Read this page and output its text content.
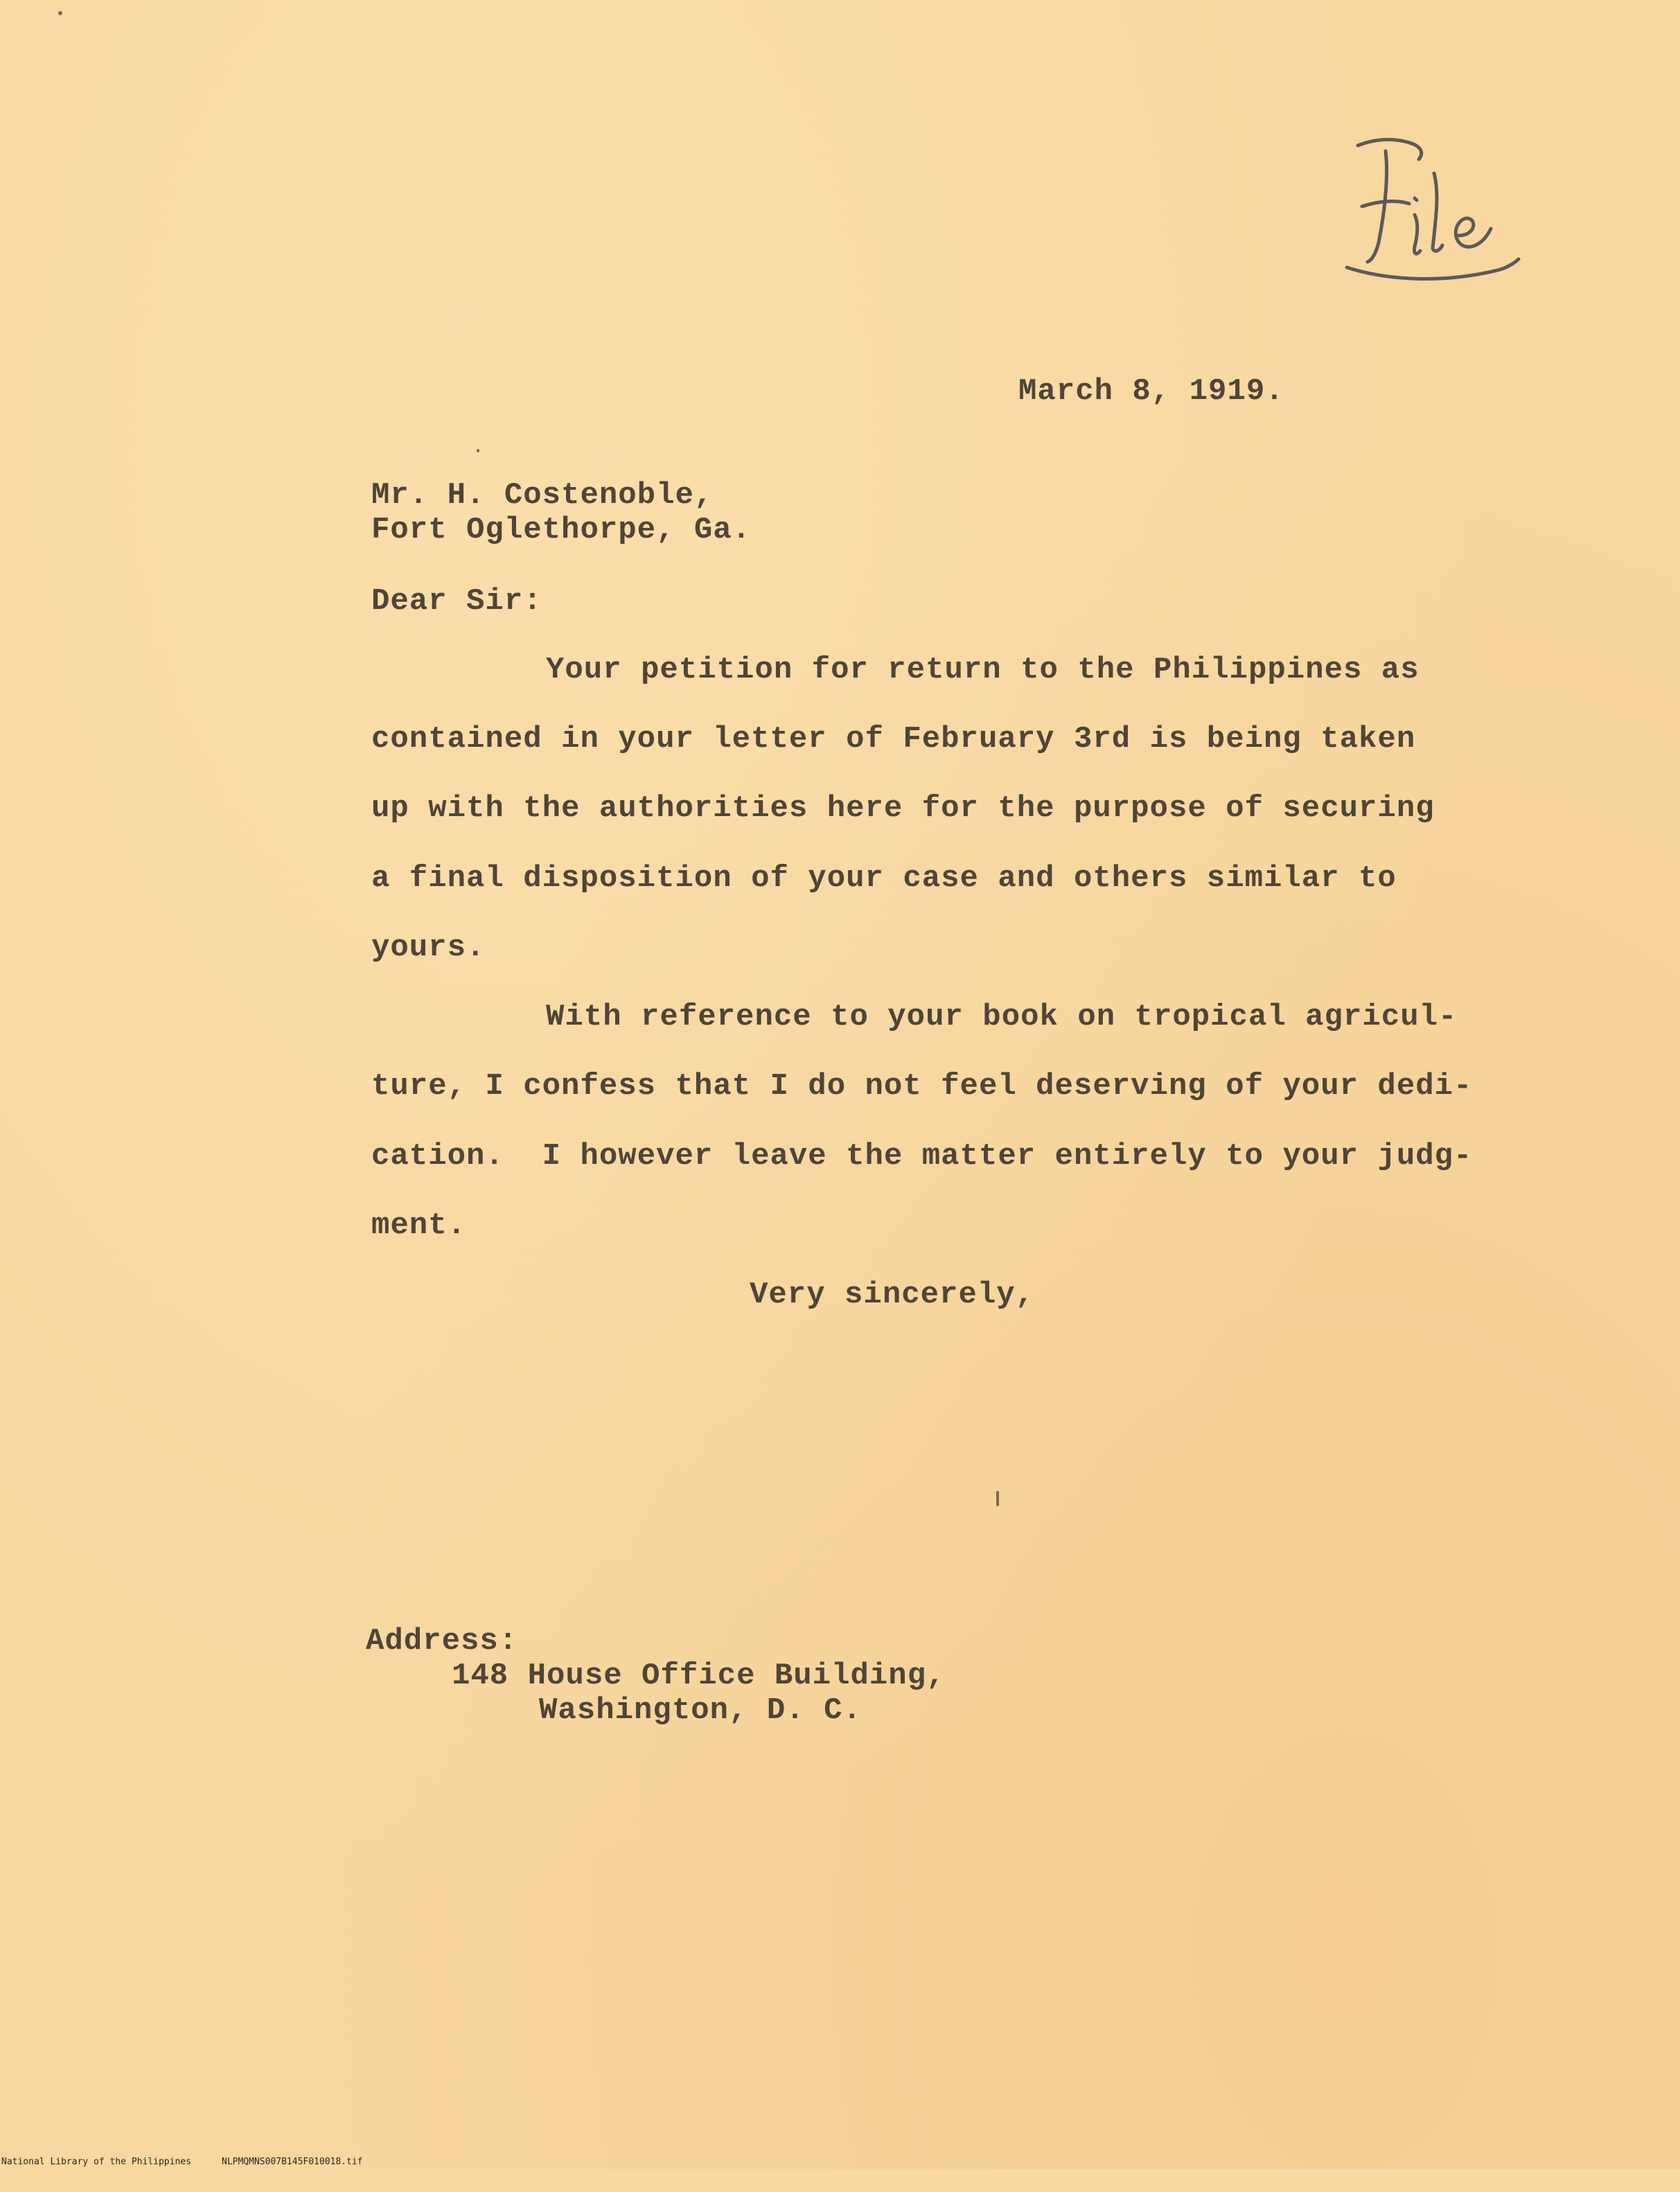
March 8, 1919.
Mr. H. Costenoble,
Fort Oglethorpe, Ga.
Dear Sir:
Your petition for return to the Philippines as
contained in your letter of February 3rd is being taken
up with the authorities here for the purpose of securing
a final disposition of your case and others similar to
yours.
With reference to your book on tropical agricul-
ture, I confess that I do not feel deserving of your dedi-
cation.  I however leave the matter entirely to your judg-
ment.
Very sincerely,
Address:
148 House Office Building,
Washington, D. C.

National Library of the Philippines

	NLPMQMNS007B145F010018.tif
